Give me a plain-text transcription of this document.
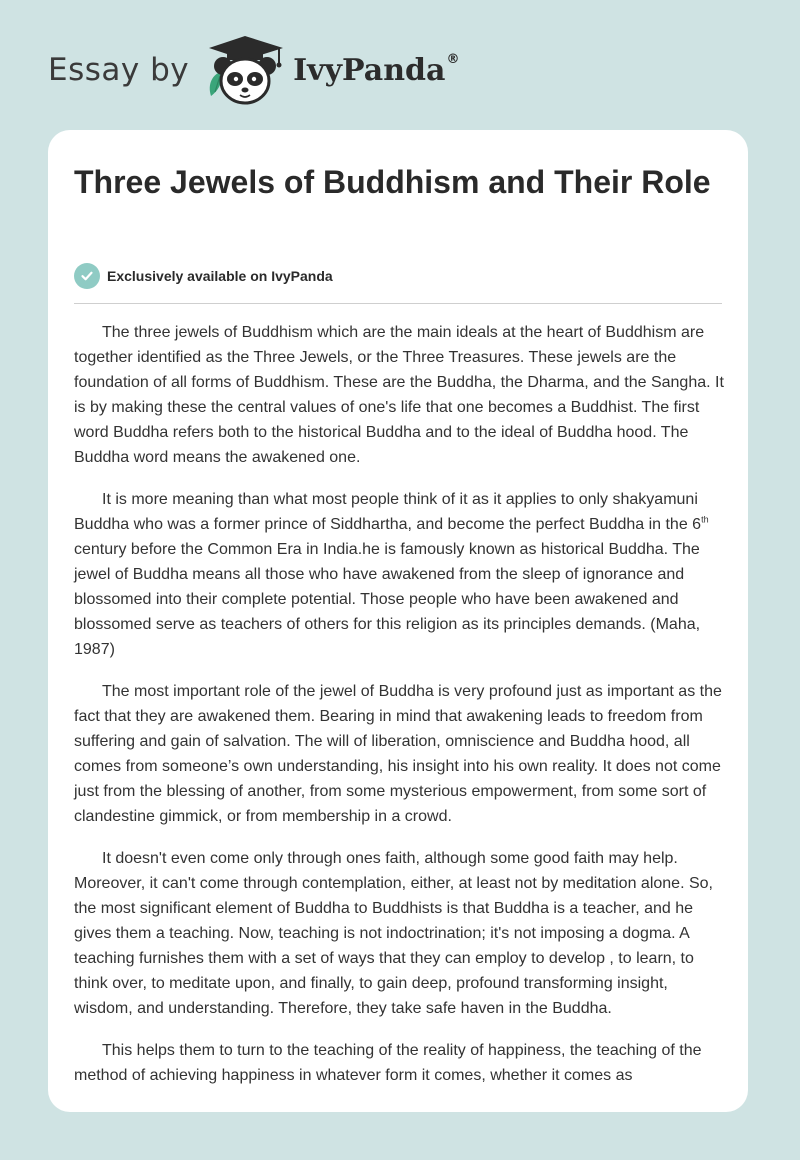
Essay by	IvyPanda®
Three Jewels of Buddhism and Their Role
Exclusively available on IvyPanda

The three jewels of Buddhism which are the main ideals at the heart of Buddhism are together identified as the Three Jewels, or the Three Treasures. These jewels are the foundation of all forms of Buddhism. These are the Buddha, the Dharma, and the Sangha. It is by making these the central values of one's life that one becomes a Buddhist. The first word Buddha refers both to the historical Buddha and to the ideal of Buddha hood. The Buddha word means the awakened one.

It is more meaning than what most people think of it as it applies to only shakyamuni Buddha who was a former prince of Siddhartha, and become the perfect Buddha in the 6th century before the Common Era in India.he is famously known as historical Buddha. The jewel of Buddha means all those who have awakened from the sleep of ignorance and blossomed into their complete potential. Those people who have been awakened and blossomed serve as teachers of others for this religion as its principles demands. (Maha, 1987)

The most important role of the jewel of Buddha is very profound just as important as the fact that they are awakened them. Bearing in mind that awakening leads to freedom from suffering and gain of salvation. The will of liberation, omniscience and Buddha hood, all comes from someone’s own understanding, his insight into his own reality. It does not come just from the blessing of another, from some mysterious empowerment, from some sort of clandestine gimmick, or from membership in a crowd.

It doesn't even come only through ones faith, although some good faith may help. Moreover, it can't come through contemplation, either, at least not by meditation alone. So, the most significant element of Buddha to Buddhists is that Buddha is a teacher, and he gives them a teaching. Now, teaching is not indoctrination; it's not imposing a dogma. A teaching furnishes them with a set of ways that they can employ to develop , to learn, to think over, to meditate upon, and finally, to gain deep, profound transforming insight, wisdom, and understanding. Therefore, they take safe haven in the Buddha.

This helps them to turn to the teaching of the reality of happiness, the teaching of the method of achieving happiness in whatever form it comes, whether it comes as
